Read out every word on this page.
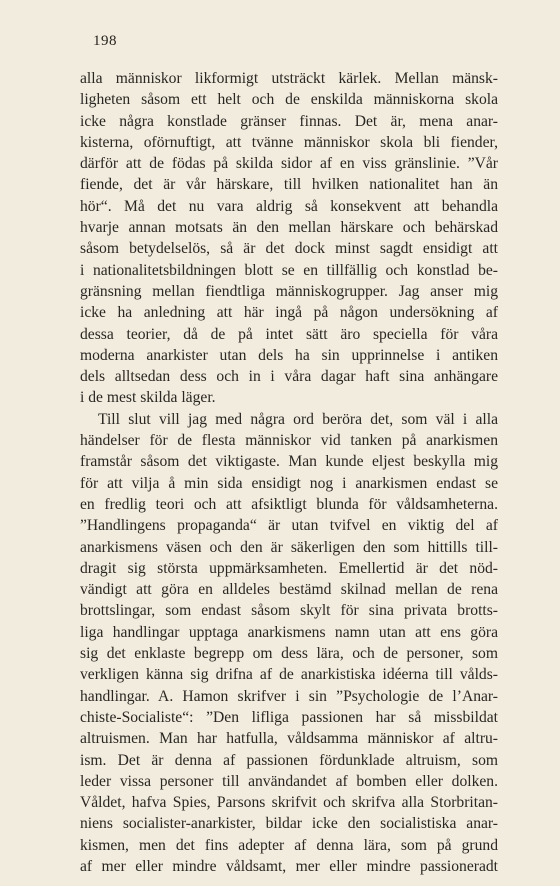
198
alla människor likformigt utsträckt kärlek. Mellan mänsk-
ligheten såsom ett helt och de enskilda människorna skola
icke några konstlade gränser finnas. Det är, mena anar-
kisterna, oförnuftigt, att tvänne människor skola bli fiender,
därför att de födas på skilda sidor af en viss gränslinie. ”Vår
fiende, det är vår härskare, till hvilken nationalitet han än
hör“. Må det nu vara aldrig så konsekvent att behandla
hvarje annan motsats än den mellan härskare och behärskad
såsom betydelselös, så är det dock minst sagdt ensidigt att
i nationalitetsbildningen blott se en tillfällig och konstlad be-
gränsning mellan fiendtliga människogrupper. Jag anser mig
icke ha anledning att här ingå på någon undersökning af
dessa teorier, då de på intet sätt äro speciella för våra
moderna anarkister utan dels ha sin upprinnelse i antiken
dels alltsedan dess och in i våra dagar haft sina anhängare
i de mest skilda läger.
Till slut vill jag med några ord beröra det, som väl i alla
händelser för de flesta människor vid tanken på anarkismen
framstår såsom det viktigaste. Man kunde eljest beskylla mig
för att vilja å min sida ensidigt nog i anarkismen endast se
en fredlig teori och att afsiktligt blunda för våldsamheterna.
”Handlingens propaganda“ är utan tvifvel en viktig del af
anarkismens väsen och den är säkerligen den som hittills till-
dragit sig största uppmärksamheten. Emellertid är det nöd-
vändigt att göra en alldeles bestämd skilnad mellan de rena
brottslingar, som endast såsom skylt för sina privata brotts-
liga handlingar upptaga anarkismens namn utan att ens göra
sig det enklaste begrepp om dess lära, och de personer, som
verkligen känna sig drifna af de anarkistiska idéerna till vålds-
handlingar. A. Hamon skrifver i sin ”Psychologie de l’Anar-
chiste-Socialiste“: ”Den lifliga passionen har så missbildat
altruismen. Man har hatfulla, våldsamma människor af altru-
ism. Det är denna af passionen fördunklade altruism, som
leder vissa personer till användandet af bomben eller dolken.
Våldet, hafva Spies, Parsons skrifvit och skrifva alla Storbritan-
niens socialister-anarkister, bildar icke den socialistiska anar-
kismen, men det fins adepter af denna lära, som på grund
af mer eller mindre våldsamt, mer eller mindre passioneradt
